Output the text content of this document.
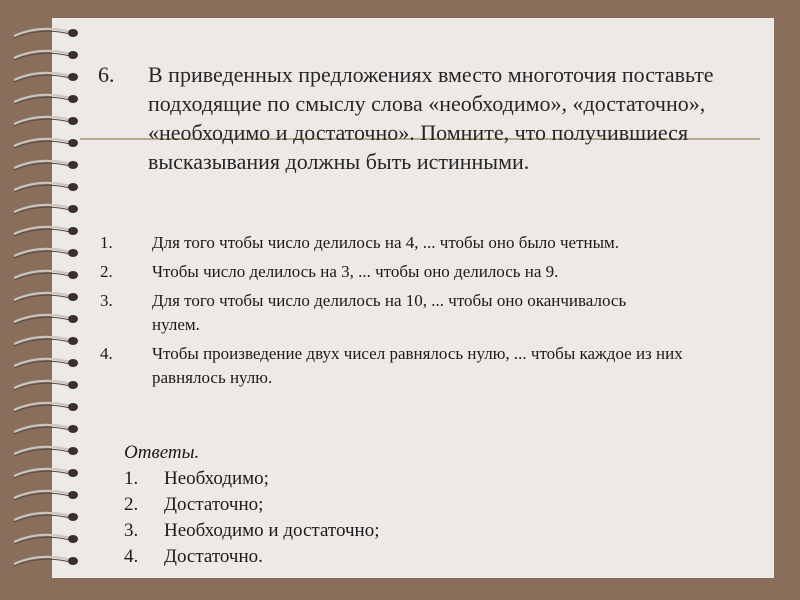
6. В приведенных предложениях вместо многоточия поставьте подходящие по смыслу слова «необходимо», «достаточно», «необходимо и достаточно». Помните, что получившиеся высказывания должны быть истинными.
1. Для того чтобы число делилось на 4, ... чтобы оно было четным.
2. Чтобы число делилось на 3, ... чтобы оно делилось на 9.
3. Для того чтобы число делилось на 10, ... чтобы оно оканчивалось нулем.
4. Чтобы произведение двух чисел равнялось нулю, ... чтобы каждое из них равнялось нулю.
Ответы.
1. Необходимо;
2. Достаточно;
3. Необходимо и достаточно;
4. Достаточно.
